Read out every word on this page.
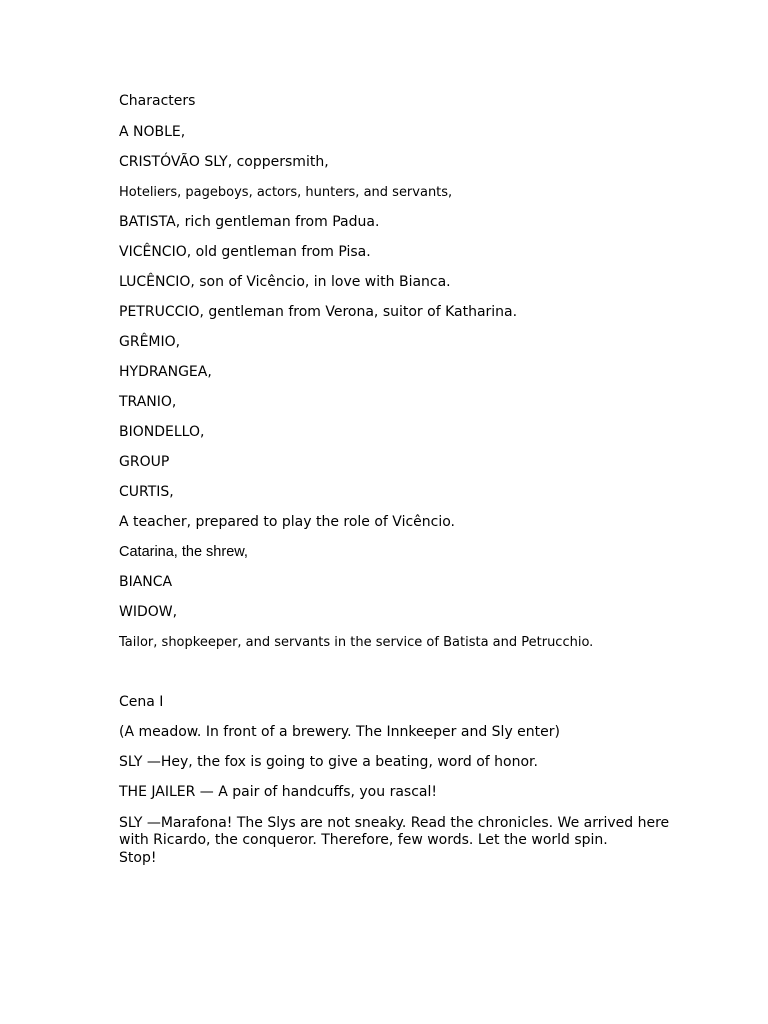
Characters
A NOBLE,
CRISTÓVÃO SLY, coppersmith,
Hoteliers, pageboys, actors, hunters, and servants,
BATISTA, rich gentleman from Padua.
VICÊNCIO, old gentleman from Pisa.
LUCÊNCIO, son of Vicêncio, in love with Bianca.
PETRUCCIO, gentleman from Verona, suitor of Katharina.
GRÊMIO,
HYDRANGEA,
TRANIO,
BIONDELLO,
GROUP
CURTIS,
A teacher, prepared to play the role of Vicêncio.
Catarina, the shrew,
BIANCA
WIDOW,
Tailor, shopkeeper, and servants in the service of Batista and Petrucchio.
Cena I
(A meadow. In front of a brewery. The Innkeeper and Sly enter)
SLY —Hey, the fox is going to give a beating, word of honor.
THE JAILER — A pair of handcuffs, you rascal!
SLY —Marafona! The Slys are not sneaky. Read the chronicles. We arrived here
with Ricardo, the conqueror. Therefore, few words. Let the world spin.
Stop!
